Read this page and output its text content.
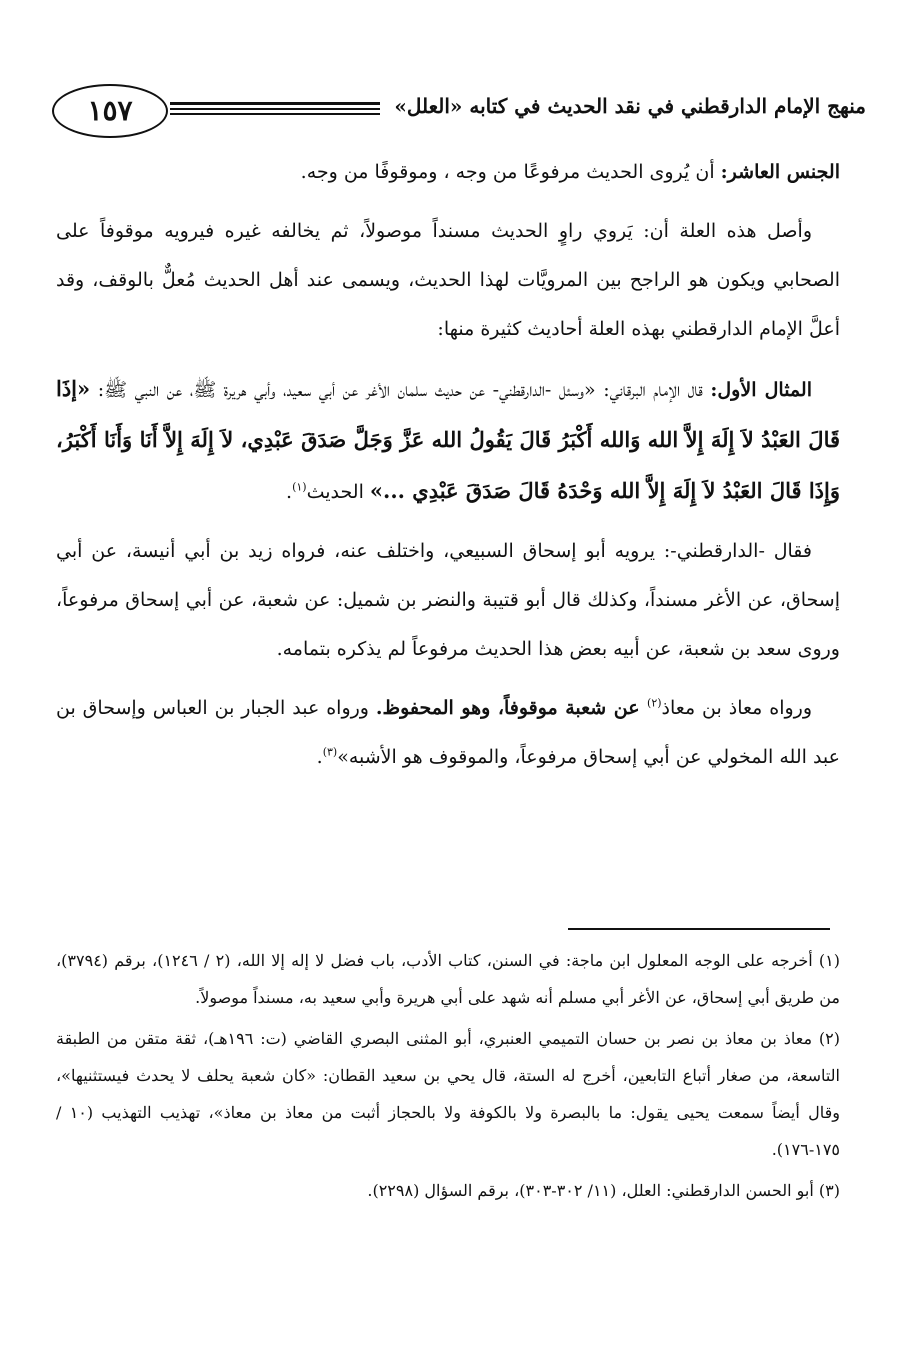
١٥٧	منهج الإمام الدارقطني في نقد الحديث في كتابه «العلل»

الجنس العاشر: أن يُروى الحديث مرفوعًا من وجه ، وموقوفًا من وجه.

وأصل هذه العلة أن: يَروي راوٍ الحديث مسنداً موصولاً، ثم يخالفه غيره فيرويه موقوفاً على الصحابي ويكون هو الراجح بين المرويَّات لهذا الحديث، ويسمى عند أهل الحديث مُعلٌّ بالوقف، وقد أعلَّ الإمام الدارقطني بهذه العلة أحاديث كثيرة منها:

المثال الأول: قال الإمام البرقاني: «وسئل -الدارقطني- عن حديث سلمان الأغر عن أبي سعيد، وأبي هريرة ﷺ، عن النبي ﷺ: «إذَا قَالَ العَبْدُ لاَ إِلَهَ إِلاَّ الله وَالله أَكْبَرُ قَالَ يَقُولُ الله عَزَّ وَجَلَّ صَدَقَ عَبْدِي، لاَ إِلَهَ إِلاَّ أَنَا وَأَنَا أَكْبَرُ، وَإِذَا قَالَ العَبْدُ لاَ إِلَهَ إِلاَّ الله وَحْدَهُ قَالَ صَدَقَ عَبْدِي ...» الحديث$^{(١)}$.

فقال -الدارقطني-: يرويه أبو إسحاق السبيعي، واختلف عنه، فرواه زيد بن أبي أنيسة، عن أبي إسحاق، عن الأغر مسنداً، وكذلك قال أبو قتيبة والنضر بن شميل: عن شعبة، عن أبي إسحاق مرفوعاً، وروى سعد بن شعبة، عن أبيه بعض هذا الحديث مرفوعاً لم يذكره بتمامه.

ورواه معاذ بن معاذ$^{(٢)}$ عن شعبة موقوفاً، وهو المحفوظ. ورواه عبد الجبار بن العباس وإسحاق بن عبد الله المخولي عن أبي إسحاق مرفوعاً، والموقوف هو الأشبه»$^{(٣)}$.

(١) أخرجه على الوجه المعلول ابن ماجة: في السنن، كتاب الأدب، باب فضل لا إله إلا الله، (٢ / ١٢٤٦)، برقم (٣٧٩٤)، من طريق أبي إسحاق، عن الأغر أبي مسلم أنه شهد على أبي هريرة وأبي سعيد به، مسنداً موصولاً.

(٢) معاذ بن معاذ بن نصر بن حسان التميمي العنبري، أبو المثنى البصري القاضي (ت: ١٩٦هـ)، ثقة متقن من الطبقة التاسعة، من صغار أتباع التابعين، أخرج له الستة، قال يحي بن سعيد القطان: «كان شعبة يحلف لا يحدث فيستثنيها»، وقال أيضاً سمعت يحيى يقول: ما بالبصرة ولا بالكوفة ولا بالحجاز أثبت من معاذ بن معاذ»، تهذيب التهذيب (١٠ / ١٧٥-١٧٦).

(٣) أبو الحسن الدارقطني: العلل، (١١/ ٣٠٢-٣٠٣)، برقم السؤال (٢٢٩٨).
